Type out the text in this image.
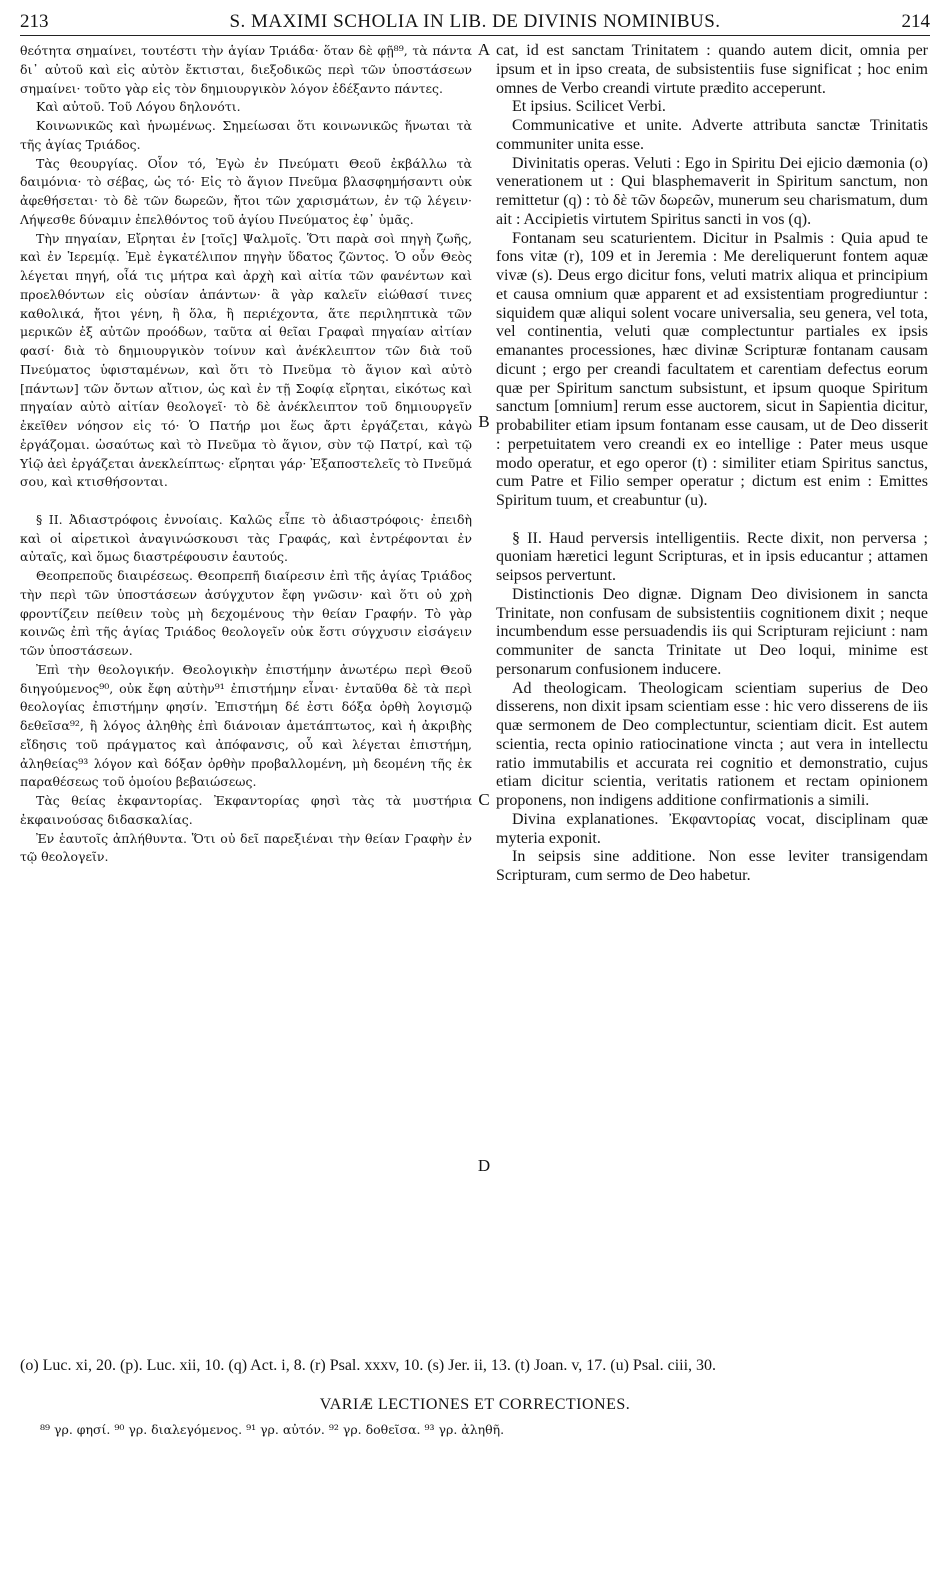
213	S. MAXIMI SCHOLIA IN LIB. DE DIVINIS NOMINIBUS.	214

θεότητα σημαίνει, τουτέστι τὴν ἁγίαν Τριάδα· ὅταν δὲ φῇ⁸⁹, τὰ πάντα δι᾿ αὐτοῦ καὶ εἰς αὐτὸν ἔκτισται, διεξοδικῶς περὶ τῶν ὑποστάσεων σημαίνει· τοῦτο γὰρ εἰς τὸν δημιουργικὸν λόγον ἐδέξαντο πάντες.

Καὶ αὐτοῦ. Τοῦ Λόγου δηλονότι.

Κοινωνικῶς καὶ ἡνωμένως. Σημείωσαι ὅτι κοινωνικῶς ἥνωται τὰ τῆς ἁγίας Τριάδος.

Τὰς θεουργίας. Οἷον τό, Ἐγὼ ἐν Πνεύματι Θεοῦ ἐκβάλλω τὰ δαιμόνια· τὸ σέβας, ὡς τό· Εἰς τὸ ἅγιον Πνεῦμα βλασφημήσαντι οὐκ ἀφεθήσεται· τὸ δὲ τῶν δωρεῶν, ἤτοι τῶν χαρισμάτων, ἐν τῷ λέγειν· Λήψεσθε δύναμιν ἐπελθόντος τοῦ ἁγίου Πνεύματος ἐφ᾿ ὑμᾶς.

Τὴν πηγαίαν, Εἴρηται ἐν [τοῖς] Ψαλμοῖς. Ὅτι παρὰ σοὶ πηγὴ ζωῆς, καὶ ἐν Ἱερεμίᾳ. Ἐμὲ ἐγκατέλιπον πηγὴν ὕδατος ζῶντος. Ὁ οὖν Θεὸς λέγεται πηγή, οἷά τις μήτρα καὶ ἀρχὴ καὶ αἰτία τῶν φανέντων καὶ προελθόντων εἰς οὐσίαν ἁπάντων· ἃ γὰρ καλεῖν εἰώθασί τινες καθολικά, ἤτοι γένη, ἢ ὅλα, ἢ περιέχοντα, ἅτε περιληπτικὰ τῶν μερικῶν ἐξ αὐτῶν προόδων, ταῦτα αἱ θεῖαι Γραφαὶ πηγαίαν αἰτίαν φασί· διὰ τὸ δημιουργικὸν τοίνυν καὶ ἀνέκλειπτον τῶν διὰ τοῦ Πνεύματος ὑφισταμένων, καὶ ὅτι τὸ Πνεῦμα τὸ ἅγιον καὶ αὐτὸ [πάντων] τῶν ὄντων αἴτιον, ὡς καὶ ἐν τῇ Σοφίᾳ εἴρηται, εἰκότως καὶ πηγαίαν αὐτὸ αἰτίαν θεολογεῖ· τὸ δὲ ἀνέκλειπτον τοῦ δημιουργεῖν ἐκεῖθεν νόησον εἰς τό· Ὁ Πατήρ μοι ἕως ἄρτι ἐργάζεται, κἀγὼ ἐργάζομαι. ὡσαύτως καὶ τὸ Πνεῦμα τὸ ἅγιον, σὺν τῷ Πατρί, καὶ τῷ Υἱῷ ἀεὶ ἐργάζεται ἀνεκλείπτως· εἴρηται γάρ· Ἐξαποστελεῖς τὸ Πνεῦμά σου, καὶ κτισθήσονται.

§ II. Ἀδιαστρόφοις ἐννοίαις. Καλῶς εἶπε τὸ ἀδιαστρόφοις· ἐπειδὴ καὶ οἱ αἱρετικοὶ ἀναγινώσκουσι τὰς Γραφάς, καὶ ἐντρέφονται ἐν αὐταῖς, καὶ ὅμως διαστρέφουσιν ἑαυτούς.

Θεοπρεποῦς διαιρέσεως. Θεοπρεπῆ διαίρεσιν ἐπὶ τῆς ἁγίας Τριάδος τὴν περὶ τῶν ὑποστάσεων ἀσύγχυτον ἔφη γνῶσιν· καὶ ὅτι οὐ χρὴ φροντίζειν πείθειν τοὺς μὴ δεχομένους τὴν θείαν Γραφήν. Τὸ γὰρ κοινῶς ἐπὶ τῆς ἁγίας Τριάδος θεολογεῖν οὐκ ἔστι σύγχυσιν εἰσάγειν τῶν ὑποστάσεων.

Ἐπὶ τὴν θεολογικήν. Θεολογικὴν ἐπιστήμην ἀνωτέρω περὶ Θεοῦ διηγούμενος⁹⁰, οὐκ ἔφη αὐτὴν⁹¹ ἐπιστήμην εἶναι· ἐνταῦθα δὲ τὰ περὶ θεολογίας ἐπιστήμην φησίν. Ἐπιστήμη δέ ἐστι δόξα ὀρθὴ λογισμῷ δεθεῖσα⁹², ἢ λόγος ἀληθὴς ἐπὶ διάνοιαν ἀμετάπτωτος, καὶ ἡ ἀκριβὴς εἴδησις τοῦ πράγματος καὶ ἀπόφανσις, οὗ καὶ λέγεται ἐπιστήμη, ἀληθείας⁹³ λόγον καὶ δόξαν ὀρθὴν προβαλλομένη, μὴ δεομένη τῆς ἐκ παραθέσεως τοῦ ὁμοίου βεβαιώσεως.

Τὰς θείας ἐκφαντορίας. Ἐκφαντορίας φησὶ τὰς τὰ μυστήρια ἐκφαινούσας διδασκαλίας.

Ἐν ἑαυτοῖς ἀπλήθυντα. Ὅτι οὐ δεῖ παρεξιέναι τὴν θείαν Γραφὴν ἐν τῷ θεολογεῖν.

A
B
C
D

cat, id est sanctam Trinitatem : quando autem dicit, omnia per ipsum et in ipso creata, de subsistentiis fuse significat ; hoc enim omnes de Verbo creandi virtute prædito acceperunt.

Et ipsius. Scilicet Verbi.

Communicative et unite. Adverte attributa sanctæ Trinitatis communiter unita esse.

Divinitatis operas. Veluti : Ego in Spiritu Dei ejicio dæmonia (o) venerationem ut : Qui blasphemaverit in Spiritum sanctum, non remittetur (q) : τὸ δὲ τῶν δωρεῶν, munerum seu charismatum, dum ait : Accipietis virtutem Spiritus sancti in vos (q).

Fontanam seu scaturientem. Dicitur in Psalmis : Quia apud te fons vitæ (r), 109 et in Jeremia : Me dereliquerunt fontem aquæ vivæ (s). Deus ergo dicitur fons, veluti matrix aliqua et principium et causa omnium quæ apparent et ad exsistentiam progrediuntur : siquidem quæ aliqui solent vocare universalia, seu genera, vel tota, vel continentia, veluti quæ complectuntur partiales ex ipsis emanantes processiones, hæc divinæ Scripturæ fontanam causam dicunt ; ergo per creandi facultatem et carentiam defectus eorum quæ per Spiritum sanctum subsistunt, et ipsum quoque Spiritum sanctum [omnium] rerum esse auctorem, sicut in Sapientia dicitur, probabiliter etiam ipsum fontanam esse causam, ut de Deo disserit : perpetuitatem vero creandi ex eo intellige : Pater meus usque modo operatur, et ego operor (t) : similiter etiam Spiritus sanctus, cum Patre et Filio semper operatur ; dictum est enim : Emittes Spiritum tuum, et creabuntur (u).

§ II. Haud perversis intelligentiis. Recte dixit, non perversa ; quoniam hæretici legunt Scripturas, et in ipsis educantur ; attamen seipsos pervertunt.

Distinctionis Deo dignæ. Dignam Deo divisionem in sancta Trinitate, non confusam de subsistentiis cognitionem dixit ; neque incumbendum esse persuadendis iis qui Scripturam rejiciunt : nam communiter de sancta Trinitate ut Deo loqui, minime est personarum confusionem inducere.

Ad theologicam. Theologicam scientiam superius de Deo disserens, non dixit ipsam scientiam esse : hic vero disserens de iis quæ sermonem de Deo complectuntur, scientiam dicit. Est autem scientia, recta opinio ratiocinatione vincta ; aut vera in intellectu ratio immutabilis et accurata rei cognitio et demonstratio, cujus etiam dicitur scientia, veritatis rationem et rectam opinionem proponens, non indigens additione confirmationis a simili.

Divina explanationes. Ἐκφαντορίας vocat, disciplinam quæ myteria exponit.

In seipsis sine additione. Non esse leviter transigendam Scripturam, cum sermo de Deo habetur.

(o) Luc. xi, 20. (p). Luc. xii, 10. (q) Act. i, 8. (r) Psal. xxxv, 10. (s) Jer. ii, 13. (t) Joan. v, 17. (u) Psal. ciii, 30.
VARIÆ LECTIONES ET CORRECTIONES.
⁸⁹ γρ. φησί. ⁹⁰ γρ. διαλεγόμενος. ⁹¹ γρ. αὐτόν. ⁹² γρ. δοθεῖσα. ⁹³ γρ. ἀληθῆ.
